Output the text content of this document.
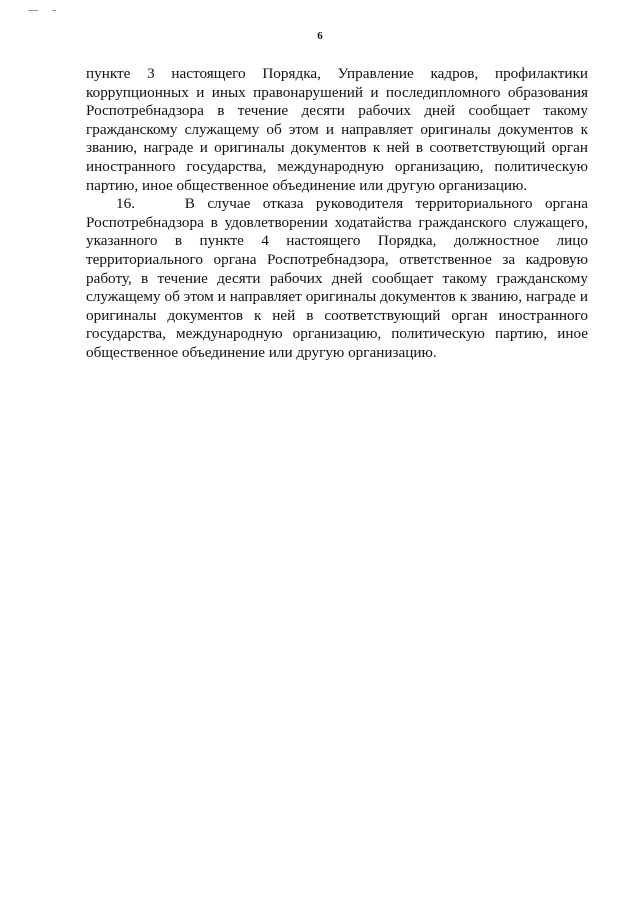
6

пункте 3 настоящего Порядка, Управление кадров, профилактики коррупционных и иных правонарушений и последипломного образования Роспотребнадзора в течение десяти рабочих дней сообщает такому гражданскому служащему об этом и направляет оригиналы документов к званию, награде и оригиналы документов к ней в соответствующий орган иностранного государства, международную организацию, политическую партию, иное общественное объединение или другую организацию.

16.	В случае отказа руководителя территориального органа Роспотребнадзора в удовлетворении ходатайства гражданского служащего, указанного в пункте 4 настоящего Порядка, должностное лицо территориального органа Роспотребнадзора, ответственное за кадровую работу, в течение десяти рабочих дней сообщает такому гражданскому служащему об этом и направляет оригиналы документов к званию, награде и оригиналы документов к ней в соответствующий орган иностранного государства, международную организацию, политическую партию, иное общественное объединение или другую организацию.
